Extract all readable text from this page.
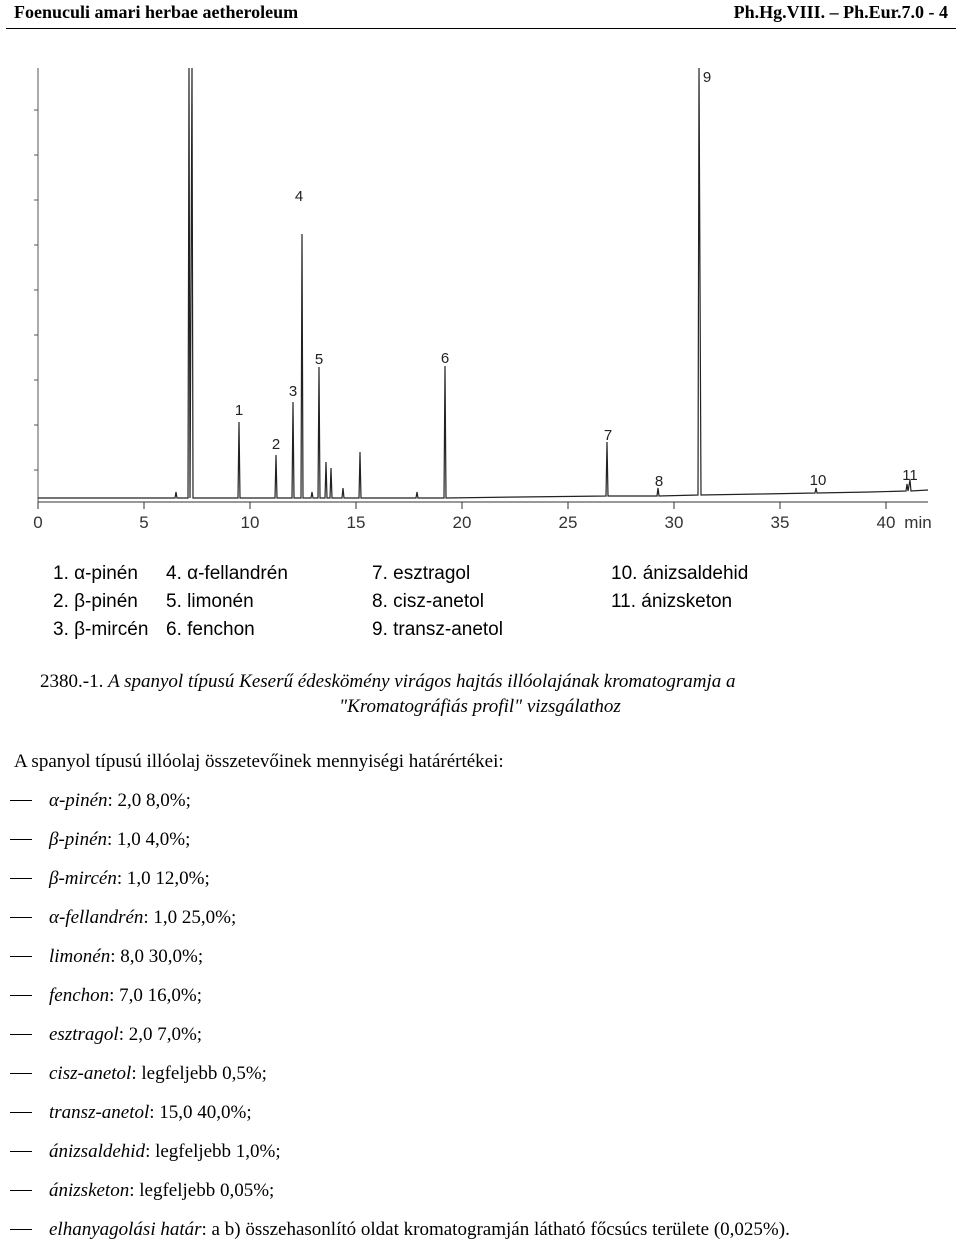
Foenuculi amari herbae aetheroleum	Ph.Hg.VIII. – Ph.Eur.7.0 - 4
0	5	10	15	20	25	30	35	40 min
1
2
3
4
5	6
7
8
9
10	11
1. α-pinén
2. β-pinén
3. β-mircén
4. α-fellandrén
5. limonén
6. fenchon
7. esztragol
8. cisz-anetol
9. transz-anetol
10. ánizsaldehid
11. ánizsketon
2380.-1. A spanyol típusú Keserű édeskömény virágos hajtás illóolajának kromatogramja a
"Kromatográfiás profil" vizsgálathoz
A spanyol típusú illóolaj összetevőinek mennyiségi határértékei:
α-pinén: 2,0 8,0%;
β-pinén: 1,0 4,0%;
β-mircén: 1,0 12,0%;
α-fellandrén: 1,0 25,0%;
limonén: 8,0 30,0%;
fenchon: 7,0 16,0%;
esztragol: 2,0 7,0%;
cisz-anetol: legfeljebb 0,5%;
transz-anetol: 15,0 40,0%;
ánizsaldehid: legfeljebb 1,0%;
ánizsketon: legfeljebb 0,05%;
elhanyagolási határ: a b) összehasonlító oldat kromatogramján látható főcsúcs területe (0,025%).
